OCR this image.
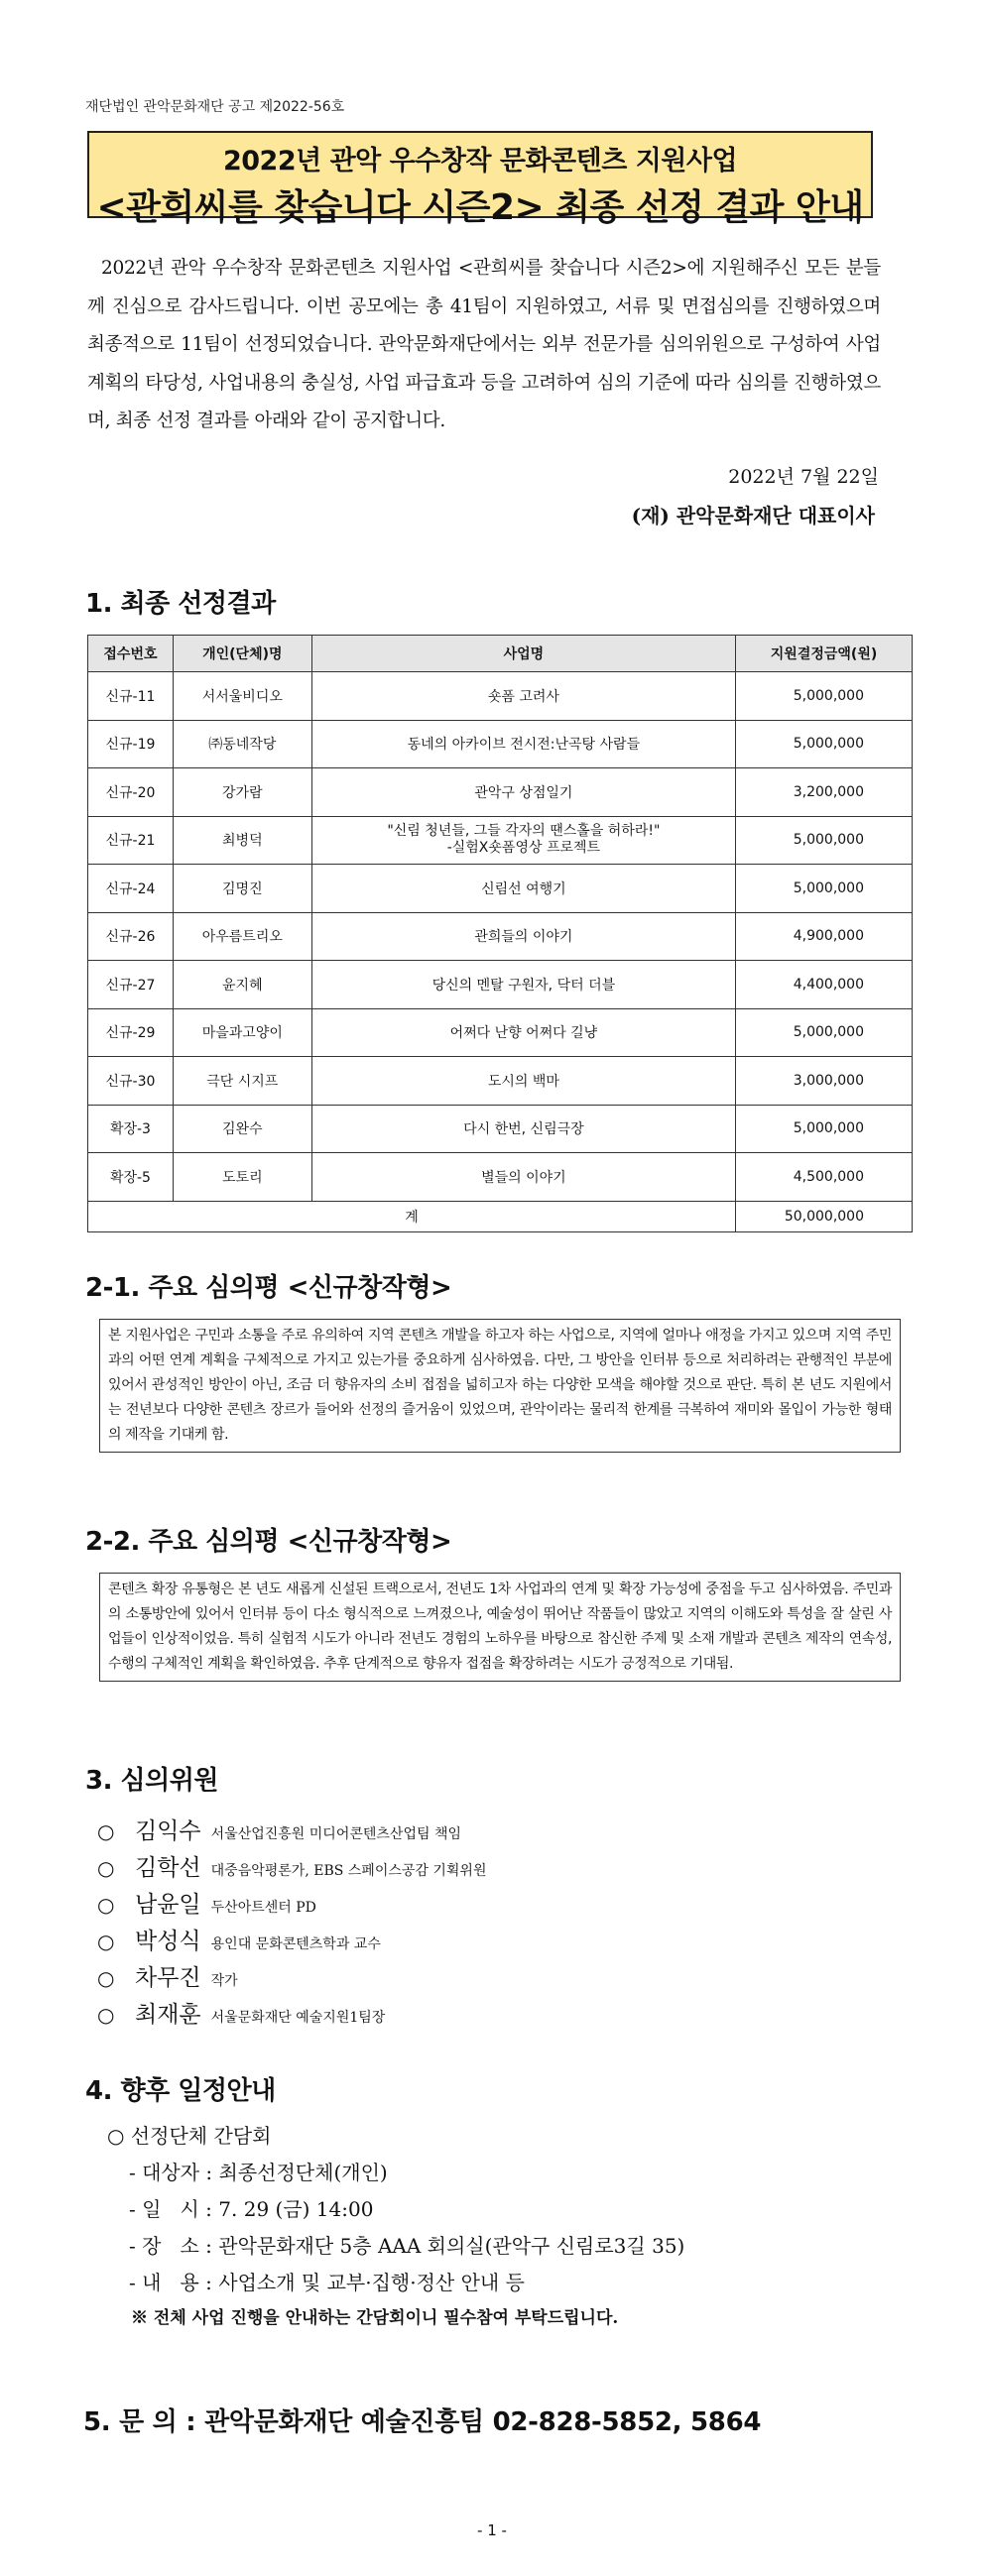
재단법인 관악문화재단 공고 제2022-56호
2022년 관악 우수창작 문화콘텐츠 지원사업
<관희씨를 찾습니다 시즌2> 최종 선정 결과 안내
2022년 관악 우수창작 문화콘텐츠 지원사업 <관희씨를 찾습니다 시즌2>에 지원해주신 모든 분들께 진심으로 감사드립니다. 이번 공모에는 총 41팀이 지원하였고, 서류 및 면접심의를 진행하였으며 최종적으로 11팀이 선정되었습니다. 관악문화재단에서는 외부 전문가를 심의위원으로 구성하여 사업계획의 타당성, 사업내용의 충실성, 사업 파급효과 등을 고려하여 심의 기준에 따라 심의를 진행하였으며, 최종 선정 결과를 아래와 같이 공지합니다.
2022년 7월 22일
(재) 관악문화재단 대표이사
1. 최종 선정결과
접수번호	개인(단체)명	사업명	지원결정금액(원)
신규-11	서서울비디오	숏폼 고려사	5,000,000
신규-19	㈜동네작당	동네의 아카이브 전시전:난곡탕 사람들	5,000,000
신규-20	강가람	관악구 상점일기	3,200,000
신규-21	최병덕	"신림 청년들, 그들 각자의 땐스홀을 허하라!"
-실험X숏폼영상 프로젝트	5,000,000
신규-24	김명진	신림선 여행기	5,000,000
신규-26	아우름트리오	관희들의 이야기	4,900,000
신규-27	윤지혜	당신의 멘탈 구원자, 닥터 더블	4,400,000
신규-29	마을과고양이	어쩌다 난향 어쩌다 길냥	5,000,000
신규-30	극단 시지프	도시의 백마	3,000,000
확장-3	김완수	다시 한번, 신림극장	5,000,000
확장-5	도토리	별들의 이야기	4,500,000
계			50,000,000
2-1. 주요 심의평 <신규창작형>
본 지원사업은 구민과 소통을 주로 유의하여 지역 콘텐츠 개발을 하고자 하는 사업으로, 지역에 얼마나 애정을 가지고 있으며 지역 주민과의 어떤 연계 계획을 구체적으로 가지고 있는가를 중요하게 심사하였음. 다만, 그 방안을 인터뷰 등으로 처리하려는 관행적인 부분에 있어서 관성적인 방안이 아닌, 조금 더 향유자의 소비 접점을 넓히고자 하는 다양한 모색을 해야할 것으로 판단. 특히 본 년도 지원에서는 전년보다 다양한 콘텐츠 장르가 들어와 선정의 즐거움이 있었으며, 관악이라는 물리적 한계를 극복하여 재미와 몰입이 가능한 형태의 제작을 기대케 함.
2-2. 주요 심의평 <신규창작형>
콘텐츠 확장 유통형은 본 년도 새롭게 신설된 트랙으로서, 전년도 1차 사업과의 연계 및 확장 가능성에 중점을 두고 심사하였음. 주민과의 소통방안에 있어서 인터뷰 등이 다소 형식적으로 느껴졌으나, 예술성이 뛰어난 작품들이 많았고 지역의 이해도와 특성을 잘 살린 사업들이 인상적이었음. 특히 실험적 시도가 아니라 전년도 경험의 노하우를 바탕으로 참신한 주제 및 소재 개발과 콘텐츠 제작의 연속성, 수행의 구체적인 계획을 확인하였음. 추후 단계적으로 향유자 접점을 확장하려는 시도가 긍정적으로 기대됨.
3. 심의위원
○ 김익수 서울산업진흥원 미디어콘텐츠산업팀 책임
○ 김학선 대중음악평론가, EBS 스페이스공감 기획위원
○ 남윤일 두산아트센터 PD
○ 박성식 용인대 문화콘텐츠학과 교수
○ 차무진 작가
○ 최재훈 서울문화재단 예술지원1팀장
4. 향후 일정안내
○ 선정단체 간담회
- 대상자 : 최종선정단체(개인)
- 일   시 : 7. 29 (금) 14:00
- 장   소 : 관악문화재단 5층 AAA 회의실(관악구 신림로3길 35)
- 내   용 : 사업소개 및 교부·집행·정산 안내 등
※ 전체 사업 진행을 안내하는 간담회이니 필수참여 부탁드립니다.
5. 문 의 : 관악문화재단 예술진흥팀 02-828-5852, 5864
- 1 -
